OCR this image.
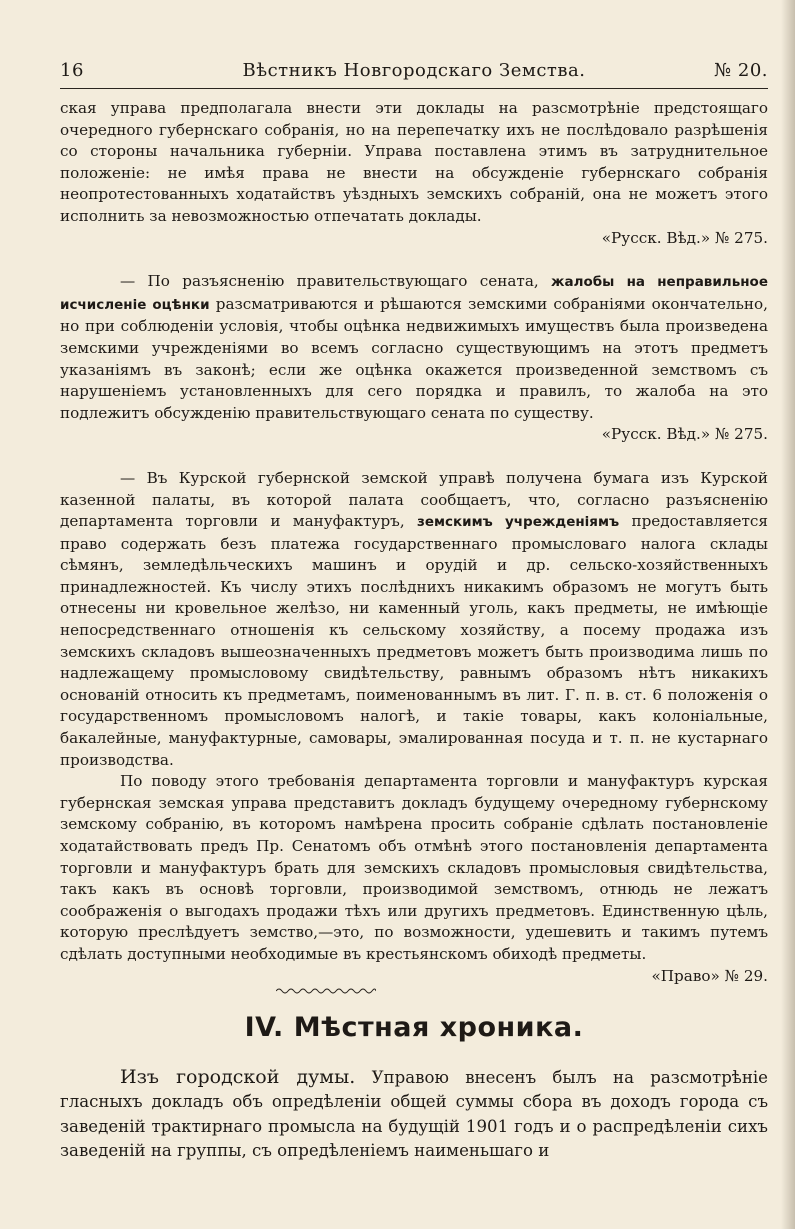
16	Вѣстникъ Новгородскаго Земства.	№ 20.

ская управа предполагала внести эти доклады на разсмотрѣніе предстоящаго очередного губернскаго собранія, но на перепечатку ихъ не послѣдовало разрѣшенія со стороны начальника губерніи. Управа поставлена этимъ въ затруднительное положеніе: не имѣя права не внести на обсужденіе губернскаго собранія неопротестованныхъ ходатайствъ уѣздныхъ земскихъ собраній, она не можетъ этого исполнить за невозможностью отпечатать доклады.

«Русск. Вѣд.» № 275.

— По разъясненію правительствующаго сената, жалобы на неправильное исчисленіе оцѣнки разсматриваются и рѣшаются земскими собраніями окончательно, но при соблюденіи условія, чтобы оцѣнка недвижимыхъ имуществъ была произведена земскими учрежденіями во всемъ согласно существующимъ на этотъ предметъ указаніямъ въ законѣ; если же оцѣнка окажется произведенной земствомъ съ нарушеніемъ установленныхъ для сего порядка и правилъ, то жалоба на это подлежитъ обсужденію правительствующаго сената по существу.

«Русск. Вѣд.» № 275.

— Въ Курской губернской земской управѣ получена бумага изъ Курской казенной палаты, въ которой палата сообщаетъ, что, согласно разъясненію департамента торговли и мануфактуръ, земскимъ учрежденіямъ предоставляется право содержать безъ платежа государственнаго промысловаго налога склады сѣмянъ, земледѣльческихъ машинъ и орудій и др. сельско-хозяйственныхъ принадлежностей. Къ числу этихъ послѣднихъ никакимъ образомъ не могутъ быть отнесены ни кровельное желѣзо, ни каменный уголь, какъ предметы, не имѣющіе непосредственнаго отношенія къ сельскому хозяйству, а посему продажа изъ земскихъ складовъ вышеозначенныхъ предметовъ можетъ быть производима лишь по надлежащему промысловому свидѣтельству, равнымъ образомъ нѣтъ никакихъ основаній относить къ предметамъ, поименованнымъ въ лит. Г. п. в. ст. 6 положенія о государственномъ промысловомъ налогѣ, и такіе товары, какъ колоніальные, бакалейные, мануфактурные, самовары, эмалированная посуда и т. п. не кустарнаго производства.

По поводу этого требованія департамента торговли и мануфактуръ курская губернская земская управа представитъ докладъ будущему очередному губернскому земскому собранію, въ которомъ намѣрена просить собраніе сдѣлать постановленіе ходатайствовать предъ Пр. Сенатомъ объ отмѣнѣ этого постановленія департамента торговли и мануфактуръ брать для земскихъ складовъ промысловыя свидѣтельства, такъ какъ въ основѣ торговли, производимой земствомъ, отнюдь не лежатъ соображенія о выгодахъ продажи тѣхъ или другихъ предметовъ. Единственную цѣль, которую преслѣдуетъ земство,—это, по возможности, удешевить и такимъ путемъ сдѣлать доступными необходимые въ крестьянскомъ обиходѣ предметы.
«Право» № 29.

IV. Мѣстная хроника.

Изъ городской думы. Управою внесенъ былъ на разсмотрѣніе гласныхъ докладъ объ опредѣленіи общей суммы сбора въ доходъ города съ заведеній трактирнаго промысла на будущій 1901 годъ и о распредѣленіи сихъ заведеній на группы, съ опредѣленіемъ наименьшаго и
